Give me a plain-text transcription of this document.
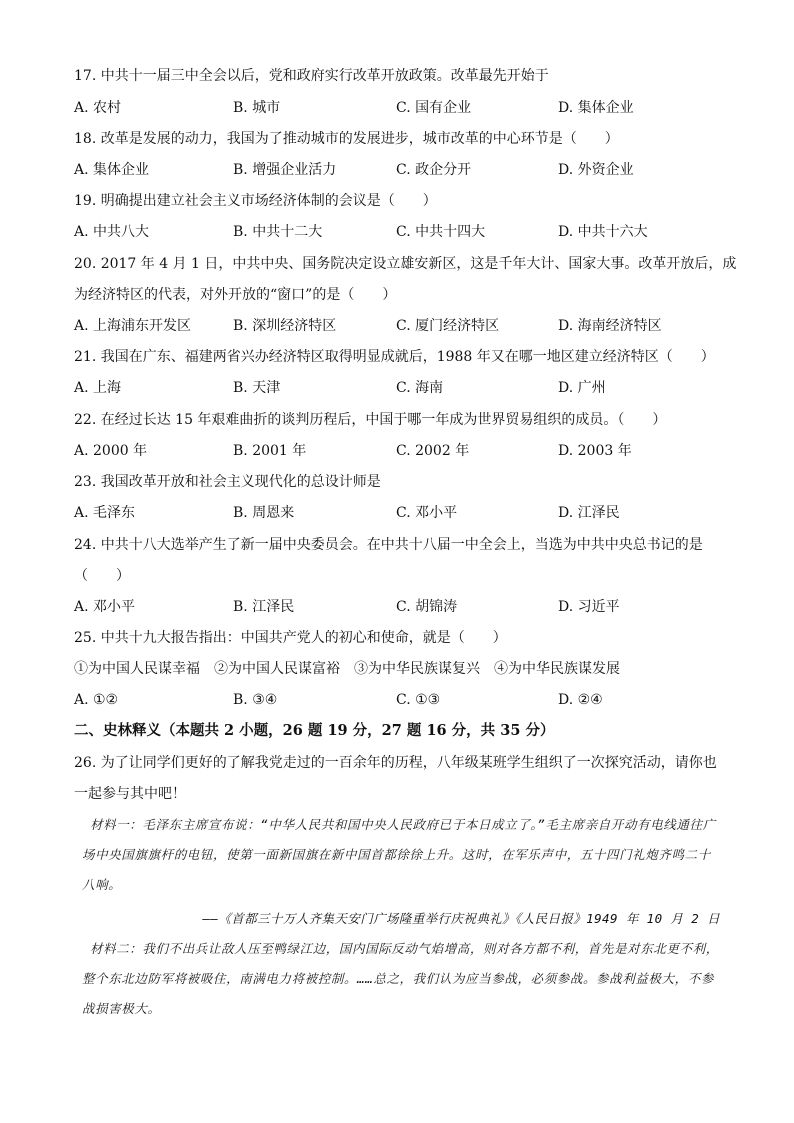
17. 中共十一届三中全会以后，党和政府实行改革开放政策。改革最先开始于
A. 农村	B. 城市	C. 国有企业	D. 集体企业
18. 改革是发展的动力，我国为了推动城市的发展进步，城市改革的中心环节是（　　）
A. 集体企业	B. 增强企业活力	C. 政企分开	D. 外资企业
19. 明确提出建立社会主义市场经济体制的会议是（　　）
A. 中共八大	B. 中共十二大	C. 中共十四大	D. 中共十六大
20. 2017 年 4 月 1 日，中共中央、国务院决定设立雄安新区，这是千年大计、国家大事。改革开放后，成
为经济特区的代表，对外开放的“窗口”的是（　　）
A. 上海浦东开发区	B. 深圳经济特区	C. 厦门经济特区	D. 海南经济特区
21. 我国在广东、福建两省兴办经济特区取得明显成就后，1988 年又在哪一地区建立经济特区（　　）
A. 上海	B. 天津	C. 海南	D. 广州
22. 在经过长达 15 年艰难曲折的谈判历程后，中国于哪一年成为世界贸易组织的成员。（　　）
A. 2000 年	B. 2001 年	C. 2002 年	D. 2003 年
23. 我国改革开放和社会主义现代化的总设计师是
A. 毛泽东	B. 周恩来	C. 邓小平	D. 江泽民
24. 中共十八大选举产生了新一届中央委员会。在中共十八届一中全会上，当选为中共中央总书记的是
（　　）
A. 邓小平	B. 江泽民	C. 胡锦涛	D. 习近平
25. 中共十九大报告指出：中国共产党人的初心和使命，就是（　　）
①为中国人民谋幸福　②为中国人民谋富裕　③为中华民族谋复兴　④为中华民族谋发展
A. ①②	B. ③④	C. ①③	D. ②④
二、史林释义（本题共 2 小题，26 题 19 分，27 题 16 分，共 35 分）
26. 为了让同学们更好的了解我党走过的一百余年的历程，八年级某班学生组织了一次探究活动，请你也
一起参与其中吧！

材料一：毛泽东主席宣布说：“中华人民共和国中央人民政府已于本日成立了。”毛主席亲自开动有电线通往广场中央国旗旗杆的电钮，使第一面新国旗在新中国首都徐徐上升。这时，在军乐声中，五十四门礼炮齐鸣二十八响。

——《首都三十万人齐集天安门广场隆重举行庆祝典礼》《人民日报》1949 年 10 月 2 日

材料二：我们不出兵让敌人压至鸭绿江边，国内国际反动气焰增高，则对各方都不利，首先是对东北更不利，整个东北边防军将被吸住，南满电力将被控制。……总之，我们认为应当参战，必须参战。参战利益极大，不参战损害极大。
